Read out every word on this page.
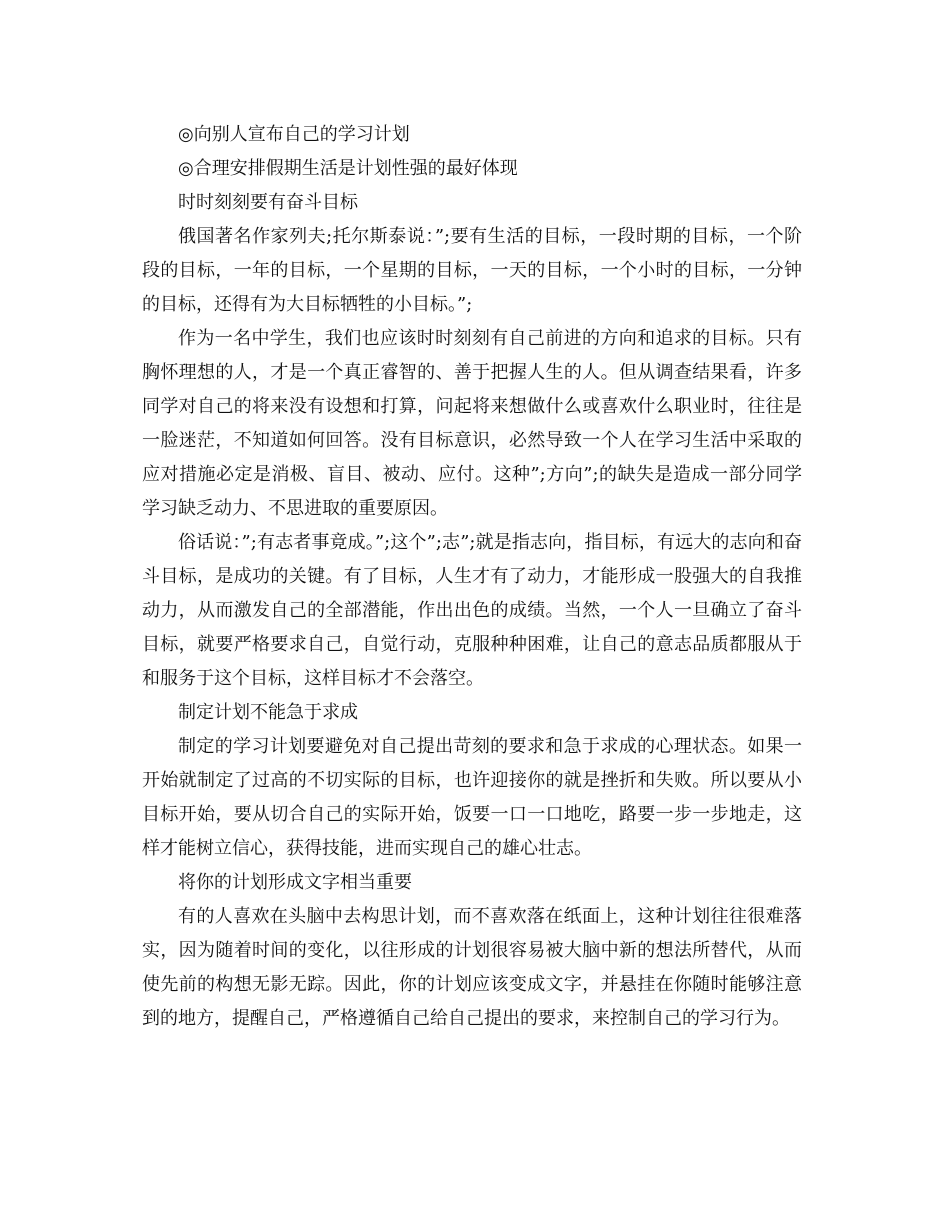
◎向别人宣布自己的学习计划

◎合理安排假期生活是计划性强的最好体现

时时刻刻要有奋斗目标

俄国著名作家列夫;托尔斯泰说：”;要有生活的目标，一段时期的目标，一个阶段的目标，一年的目标，一个星期的目标，一天的目标，一个小时的目标，一分钟的目标，还得有为大目标牺牲的小目标。”;

作为一名中学生，我们也应该时时刻刻有自己前进的方向和追求的目标。只有胸怀理想的人，才是一个真正睿智的、善于把握人生的人。但从调查结果看，许多同学对自己的将来没有设想和打算，问起将来想做什么或喜欢什么职业时，往往是一脸迷茫，不知道如何回答。没有目标意识，必然导致一个人在学习生活中采取的应对措施必定是消极、盲目、被动、应付。这种”;方向”;的缺失是造成一部分同学学习缺乏动力、不思进取的重要原因。

俗话说：”;有志者事竟成。”;这个”;志”;就是指志向，指目标，有远大的志向和奋斗目标，是成功的关键。有了目标，人生才有了动力，才能形成一股强大的自我推动力，从而激发自己的全部潜能，作出出色的成绩。当然，一个人一旦确立了奋斗目标，就要严格要求自己，自觉行动，克服种种困难，让自己的意志品质都服从于和服务于这个目标，这样目标才不会落空。

制定计划不能急于求成

制定的学习计划要避免对自己提出苛刻的要求和急于求成的心理状态。如果一开始就制定了过高的不切实际的目标，也许迎接你的就是挫折和失败。所以要从小目标开始，要从切合自己的实际开始，饭要一口一口地吃，路要一步一步地走，这样才能树立信心，获得技能，进而实现自己的雄心壮志。

将你的计划形成文字相当重要

有的人喜欢在头脑中去构思计划，而不喜欢落在纸面上，这种计划往往很难落实，因为随着时间的变化，以往形成的计划很容易被大脑中新的想法所替代，从而使先前的构想无影无踪。因此，你的计划应该变成文字，并悬挂在你随时能够注意到的地方，提醒自己，严格遵循自己给自己提出的要求，来控制自己的学习行为。
